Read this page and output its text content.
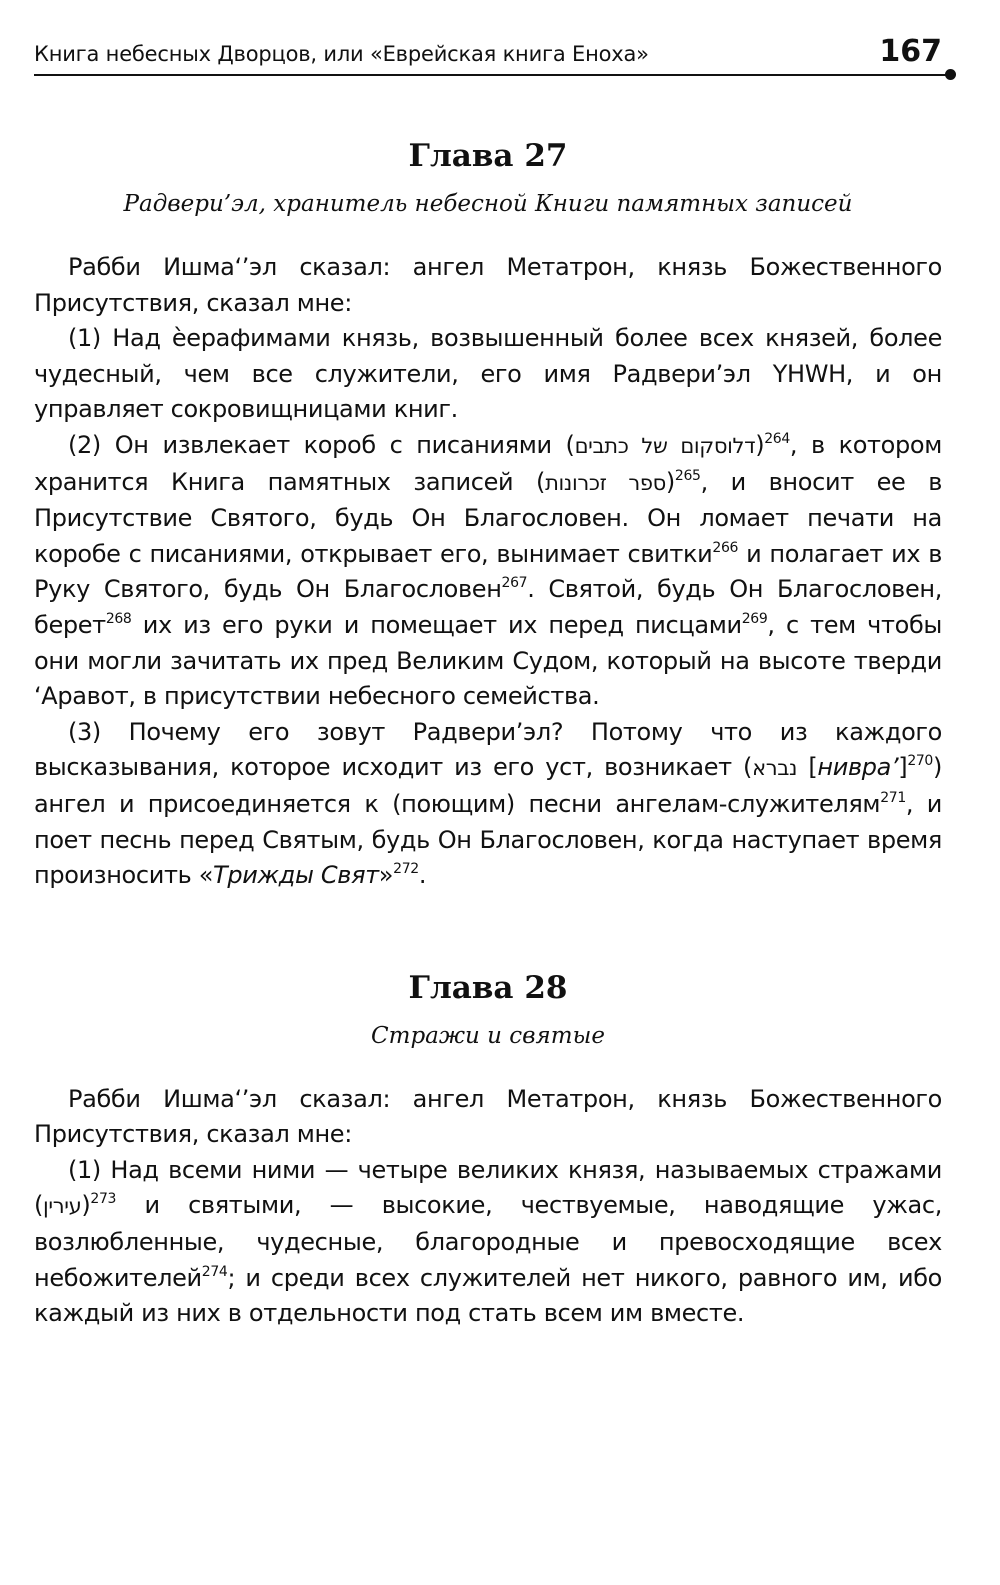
Книга небесных Дворцов, или «Еврейская книга Еноха»	167
Глава 27
Радвери’эл, хранитель небесной Книги памятных записей

Рабби Ишма‘’эл сказал: ангел Метатрон, князь Божественного Присутствия, сказал мне:

(1) Над ѐерафимами князь, возвышенный более всех князей, более чудесный, чем все служители, его имя Радвери’эл YHWH, и он управляет сокровищницами книг.

(2) Он извлекает короб с писаниями (דלוסקום של כתבים)$^{264}$, в котором хранится Книга памятных записей (ספר זכרונות)$^{265}$, и вносит ее в Присутствие Святого, будь Он Благословен. Он ломает печати на коробе с писаниями, открывает его, вынимает свитки$^{266}$ и полагает их в Руку Святого, будь Он Благословен$^{267}$. Святой, будь Он Благословен, берет$^{268}$ их из его руки и помещает их перед писцами$^{269}$, с тем чтобы они могли зачитать их пред Великим Судом, который на высоте тверди ‘Аравот, в присутствии небесного семейства.

(3) Почему его зовут Радвери’эл? Потому что из каждого высказывания, которое исходит из его уст, возникает (נברא [нивра’]$^{270}$) ангел и присоединяется к (поющим) песни ангелам-служителям$^{271}$, и поет песнь перед Святым, будь Он Благословен, когда наступает время произносить «Трижды Свят»$^{272}$.

Глава 28
Стражи и святые

Рабби Ишма‘’эл сказал: ангел Метатрон, князь Божественного Присутствия, сказал мне:

(1) Над всеми ними — четыре великих князя, называемых стражами (עירין)$^{273}$ и святыми, — высокие, чествуемые, наводящие ужас, возлюбленные, чудесные, благородные и превосходящие всех небожителей$^{274}$; и среди всех служителей нет никого, равного им, ибо каждый из них в отдельности под стать всем им вместе.
